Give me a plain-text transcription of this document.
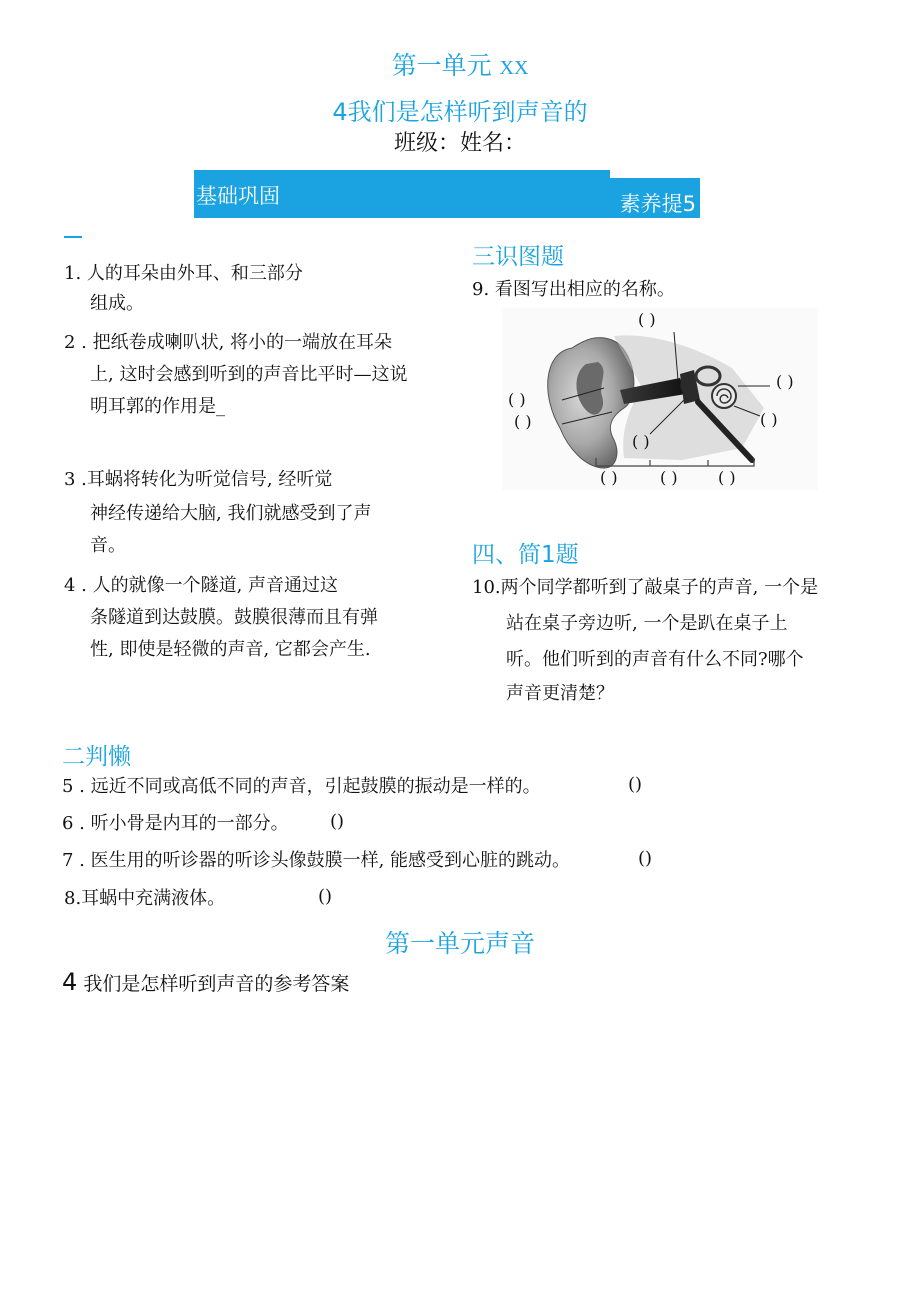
第一单元 XX
4我们是怎样听到声音的
班级：姓名：
基础巩固	素养提5
1. 人的耳朵由外耳、和三部分
组成。
2 . 把纸卷成喇叭状, 将小的一端放在耳朵
上, 这时会感到听到的声音比平时—这说
明耳郭的作用是_
3 .耳蜗将转化为听觉信号, 经听觉
神经传递给大脑, 我们就感受到了声
音。
4 . 人的就像一个隧道, 声音通过这
条隧道到达鼓膜。鼓膜很薄而且有弹
性, 即使是轻微的声音, 它都会产生.
三识图题
9. 看图写出相应的名称。
( )
( )
( )
( )
( )
( )
( )	( )	( )
四、简1题
10.两个同学都听到了敲桌子的声音, 一个是
站在桌子旁边听, 一个是趴在桌子上
听。他们听到的声音有什么不同?哪个
声音更清楚？
二判懒
5 . 远近不同或高低不同的声音，引起鼓膜的振动是一样的。	()
6 . 听小骨是内耳的一部分。 ()
7 . 医生用的听诊器的听诊头像鼓膜一样, 能感受到心脏的跳动。	()
8.耳蜗中充满液体。	()
第一单元声音
4 我们是怎样听到声音的参考答案
